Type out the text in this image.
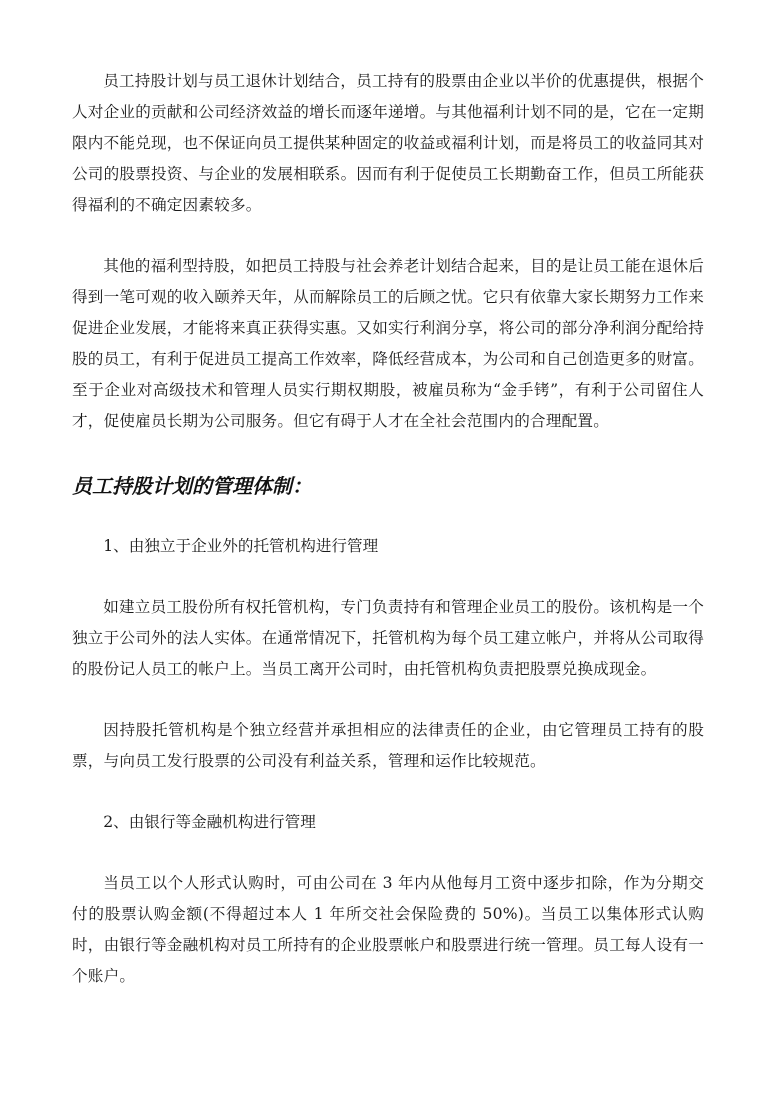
员工持股计划与员工退休计划结合，员工持有的股票由企业以半价的优惠提供，根据个人对企业的贡献和公司经济效益的增长而逐年递增。与其他福利计划不同的是，它在一定期限内不能兑现，也不保证向员工提供某种固定的收益或福利计划，而是将员工的收益同其对公司的股票投资、与企业的发展相联系。因而有利于促使员工长期勤奋工作，但员工所能获得福利的不确定因素较多。

其他的福利型持股，如把员工持股与社会养老计划结合起来，目的是让员工能在退休后得到一笔可观的收入颐养天年，从而解除员工的后顾之忧。它只有依靠大家长期努力工作来促进企业发展，才能将来真正获得实惠。又如实行利润分享，将公司的部分净利润分配给持股的员工，有利于促进员工提高工作效率，降低经营成本，为公司和自己创造更多的财富。至于企业对高级技术和管理人员实行期权期股，被雇员称为“金手铐”，有利于公司留住人才，促使雇员长期为公司服务。但它有碍于人才在全社会范围内的合理配置。

员工持股计划的管理体制：

1、由独立于企业外的托管机构进行管理

如建立员工股份所有权托管机构，专门负责持有和管理企业员工的股份。该机构是一个独立于公司外的法人实体。在通常情况下，托管机构为每个员工建立帐户，并将从公司取得的股份记人员工的帐户上。当员工离开公司时，由托管机构负责把股票兑换成现金。

因持股托管机构是个独立经营并承担相应的法律责任的企业，由它管理员工持有的股票，与向员工发行股票的公司没有利益关系，管理和运作比较规范。

2、由银行等金融机构进行管理

当员工以个人形式认购时，可由公司在 3 年内从他每月工资中逐步扣除，作为分期交付的股票认购金额(不得超过本人 1 年所交社会保险费的 50%)。当员工以集体形式认购时，由银行等金融机构对员工所持有的企业股票帐户和股票进行统一管理。员工每人设有一个账户。
